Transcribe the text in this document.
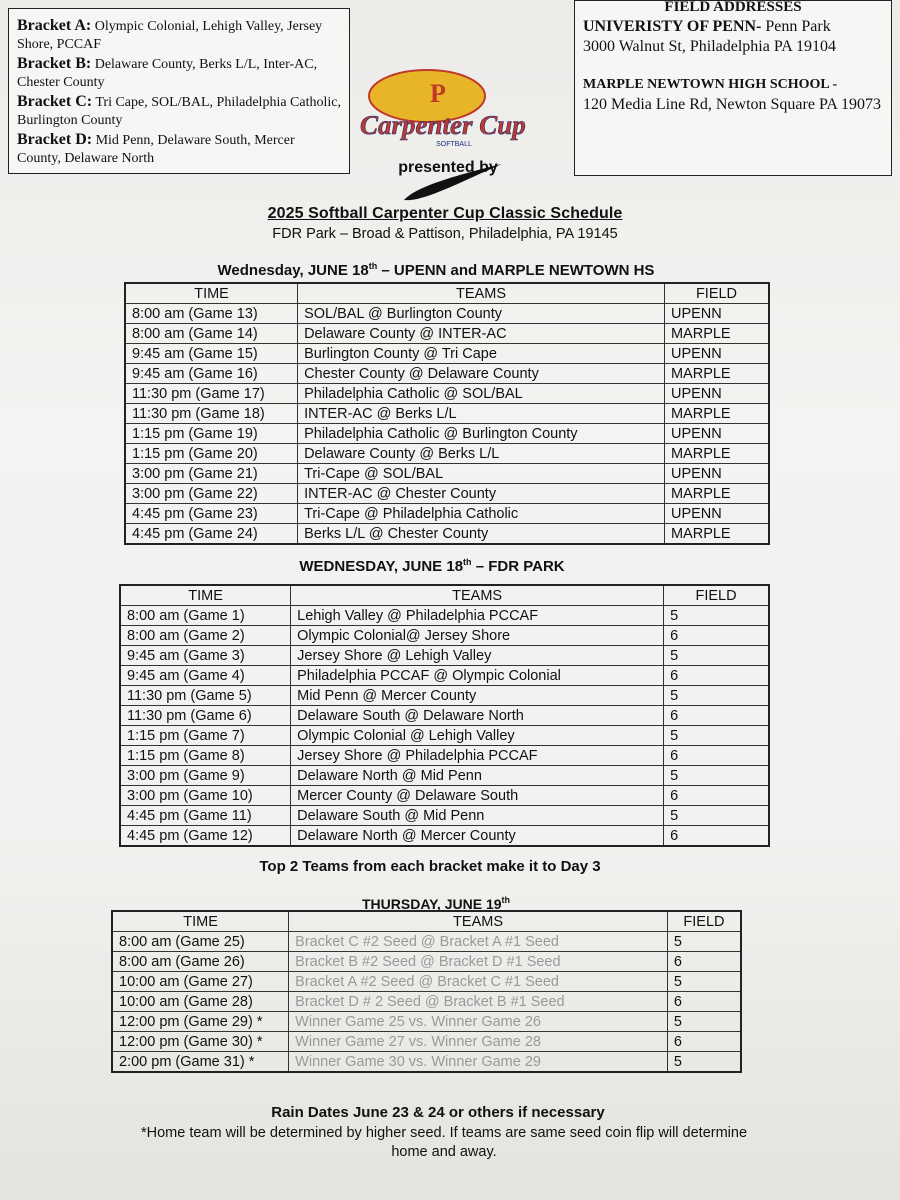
Bracket A: Olympic Colonial, Lehigh Valley, Jersey Shore, PCCAF
Bracket B: Delaware County, Berks L/L, Inter-AC, Chester County
Bracket C: Tri Cape, SOL/BAL, Philadelphia Catholic, Burlington County
Bracket D: Mid Penn, Delaware South, Mercer County, Delaware North
FIELD ADDRESSES
UNIVERISTY OF PENN- Penn Park
3000 Walnut St, Philadelphia PA 19104
MARPLE NEWTOWN HIGH SCHOOL -
120 Media Line Rd, Newton Square PA 19073
P
Carpenter Cup
SOFTBALL
presented by
2025 Softball Carpenter Cup Classic Schedule
FDR Park – Broad & Pattison, Philadelphia, PA 19145
Wednesday, JUNE 18th – UPENN and MARPLE NEWTOWN HS
TIME	TEAMS	FIELD
8:00 am (Game 13)	SOL/BAL @ Burlington County	UPENN
8:00 am (Game 14)	Delaware County @ INTER-AC	MARPLE
9:45 am (Game 15)	Burlington County @ Tri Cape	UPENN
9:45 am (Game 16)	Chester County @ Delaware County	MARPLE
11:30 pm (Game 17)	Philadelphia Catholic @ SOL/BAL	UPENN
11:30 pm (Game 18)	INTER-AC @ Berks L/L	MARPLE
1:15 pm (Game 19)	Philadelphia Catholic @ Burlington County	UPENN
1:15 pm (Game 20)	Delaware County @ Berks L/L	MARPLE
3:00 pm (Game 21)	Tri-Cape @ SOL/BAL	UPENN
3:00 pm (Game 22)	INTER-AC @ Chester County	MARPLE
4:45 pm (Game 23)	Tri-Cape @ Philadelphia Catholic	UPENN
4:45 pm (Game 24)	Berks L/L @ Chester County	MARPLE
WEDNESDAY, JUNE 18th – FDR PARK
TIME	TEAMS	FIELD
8:00 am (Game 1)	Lehigh Valley @ Philadelphia PCCAF	5
8:00 am (Game 2)	Olympic Colonial@ Jersey Shore	6
9:45 am (Game 3)	Jersey Shore @ Lehigh Valley	5
9:45 am (Game 4)	Philadelphia PCCAF @ Olympic Colonial	6
11:30 pm (Game 5)	Mid Penn @ Mercer County	5
11:30 pm (Game 6)	Delaware South @ Delaware North	6
1:15 pm (Game 7)	Olympic Colonial @ Lehigh Valley	5
1:15 pm (Game 8)	Jersey Shore @ Philadelphia PCCAF	6
3:00 pm (Game 9)	Delaware North @ Mid Penn	5
3:00 pm (Game 10)	Mercer County @ Delaware South	6
4:45 pm (Game 11)	Delaware South @ Mid Penn	5
4:45 pm (Game 12)	Delaware North @ Mercer County	6
Top 2 Teams from each bracket make it to Day 3
THURSDAY, JUNE 19th
TIME	TEAMS	FIELD
8:00 am (Game 25)	Bracket C #2 Seed @ Bracket A #1 Seed	5
8:00 am (Game 26)	Bracket B #2 Seed @ Bracket D #1 Seed	6
10:00 am (Game 27)	Bracket A #2 Seed @ Bracket C #1 Seed	5
10:00 am (Game 28)	Bracket D # 2 Seed @ Bracket B #1 Seed	6
12:00 pm (Game 29) *	Winner Game 25 vs. Winner Game 26	5
12:00 pm (Game 30) *	Winner Game 27 vs. Winner Game 28	6
2:00 pm (Game 31) *	Winner Game 30 vs. Winner Game 29	5
Rain Dates June 23 & 24 or others if necessary
*Home team will be determined by higher seed. If teams are same seed coin flip will determine home and away.
